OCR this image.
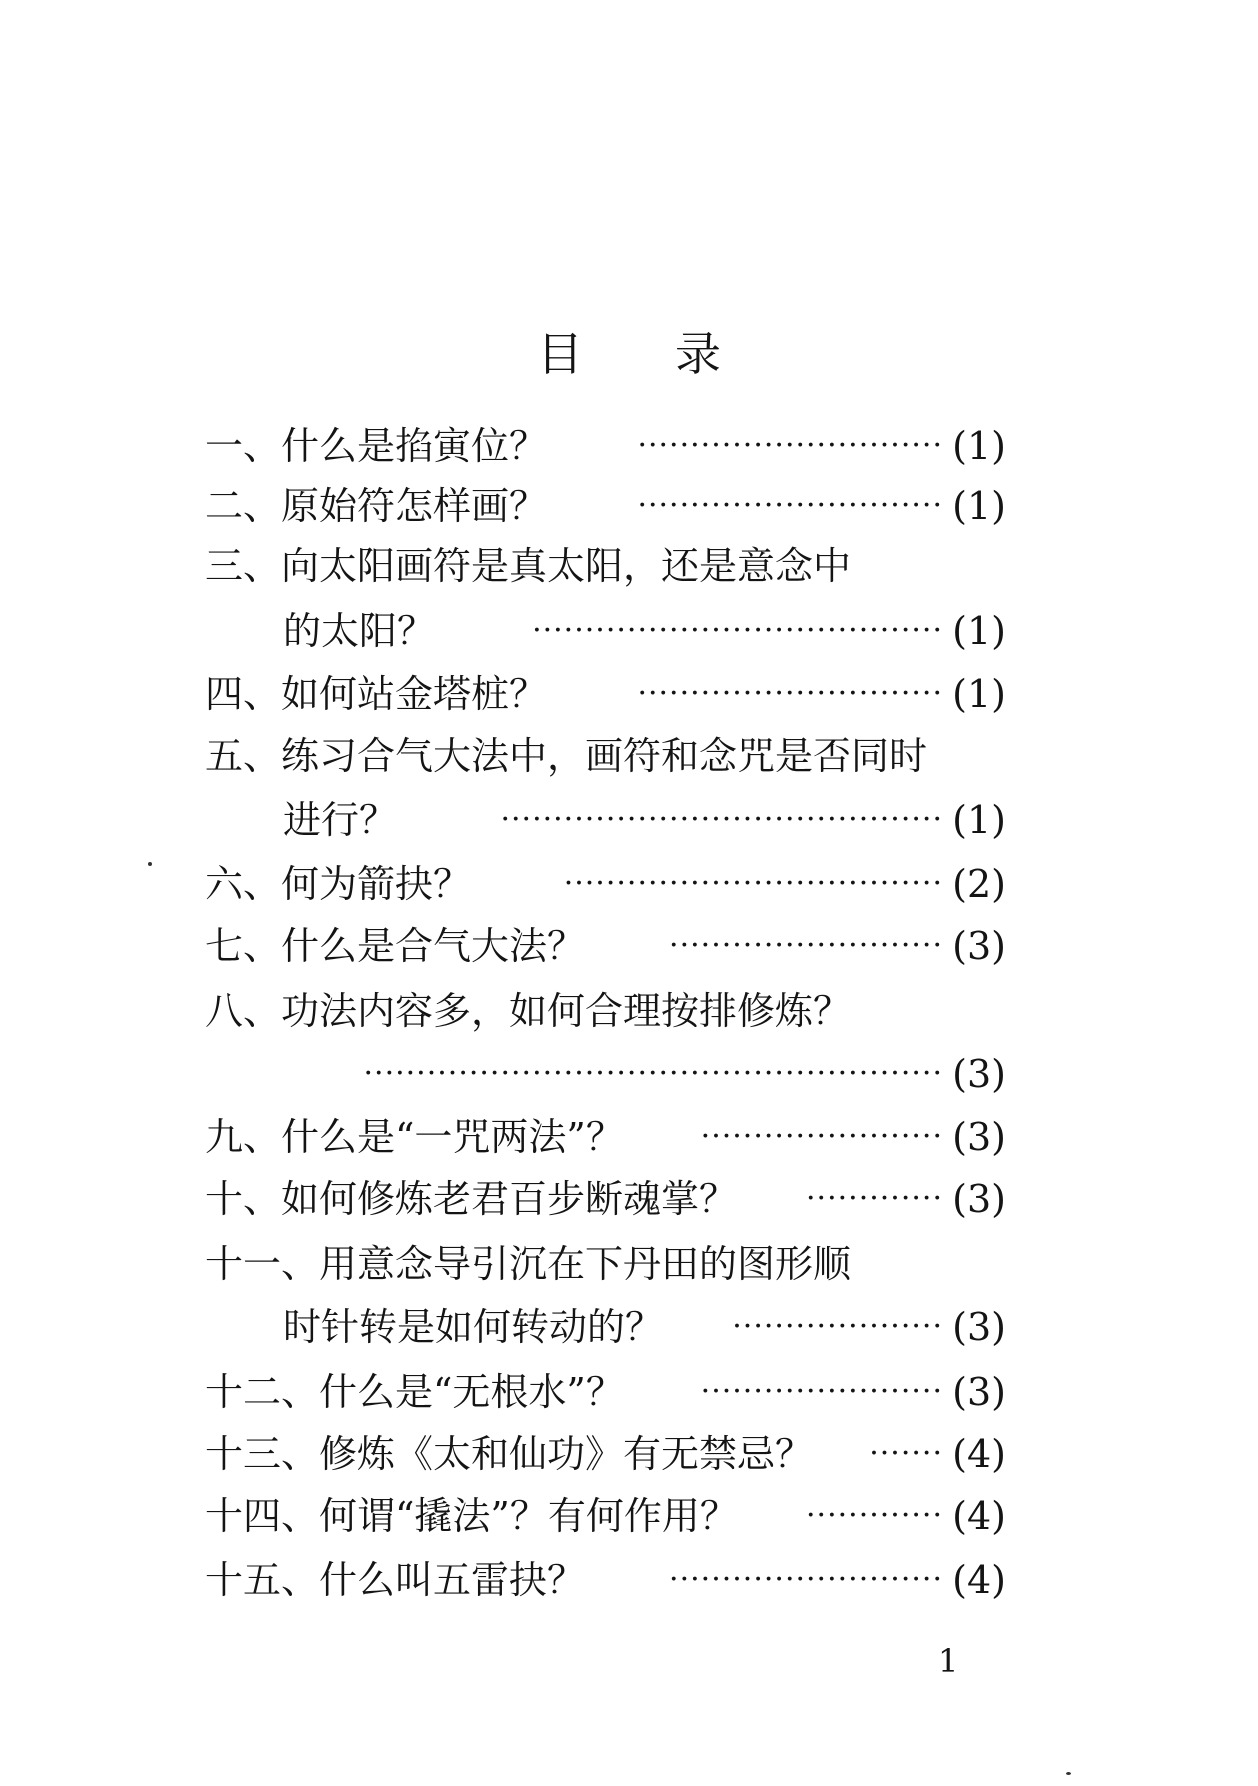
目 录
一、什么是掐寅位？	····························· (1)
二、原始符怎样画？	····························· (1)
三、向太阳画符是真太阳，还是意念中
的太阳？	······································· (1)
四、如何站金塔桩？	····························· (1)
五、练习合气大法中，画符和念咒是否同时
进行？	·········································· (1)
六、何为箭抉？	···································· (2)
七、什么是合气大法？	·························· (3)
八、功法内容多，如何合理按排修炼？
······················································· (3)
九、什么是“一咒两法”？	······················· (3)
十、如何修炼老君百步断魂掌？ ············· (3)
十一、用意念导引沉在下丹田的图形顺
时针转是如何转动的？ ···················· (3)
十二、什么是“无根水”？	······················· (3)
十三、修炼《太和仙功》有无禁忌？ ······· (4)
十四、何谓“撬法”？有何作用？ ············· (4)
十五、什么叫五雷抉？	·························· (4)
1
